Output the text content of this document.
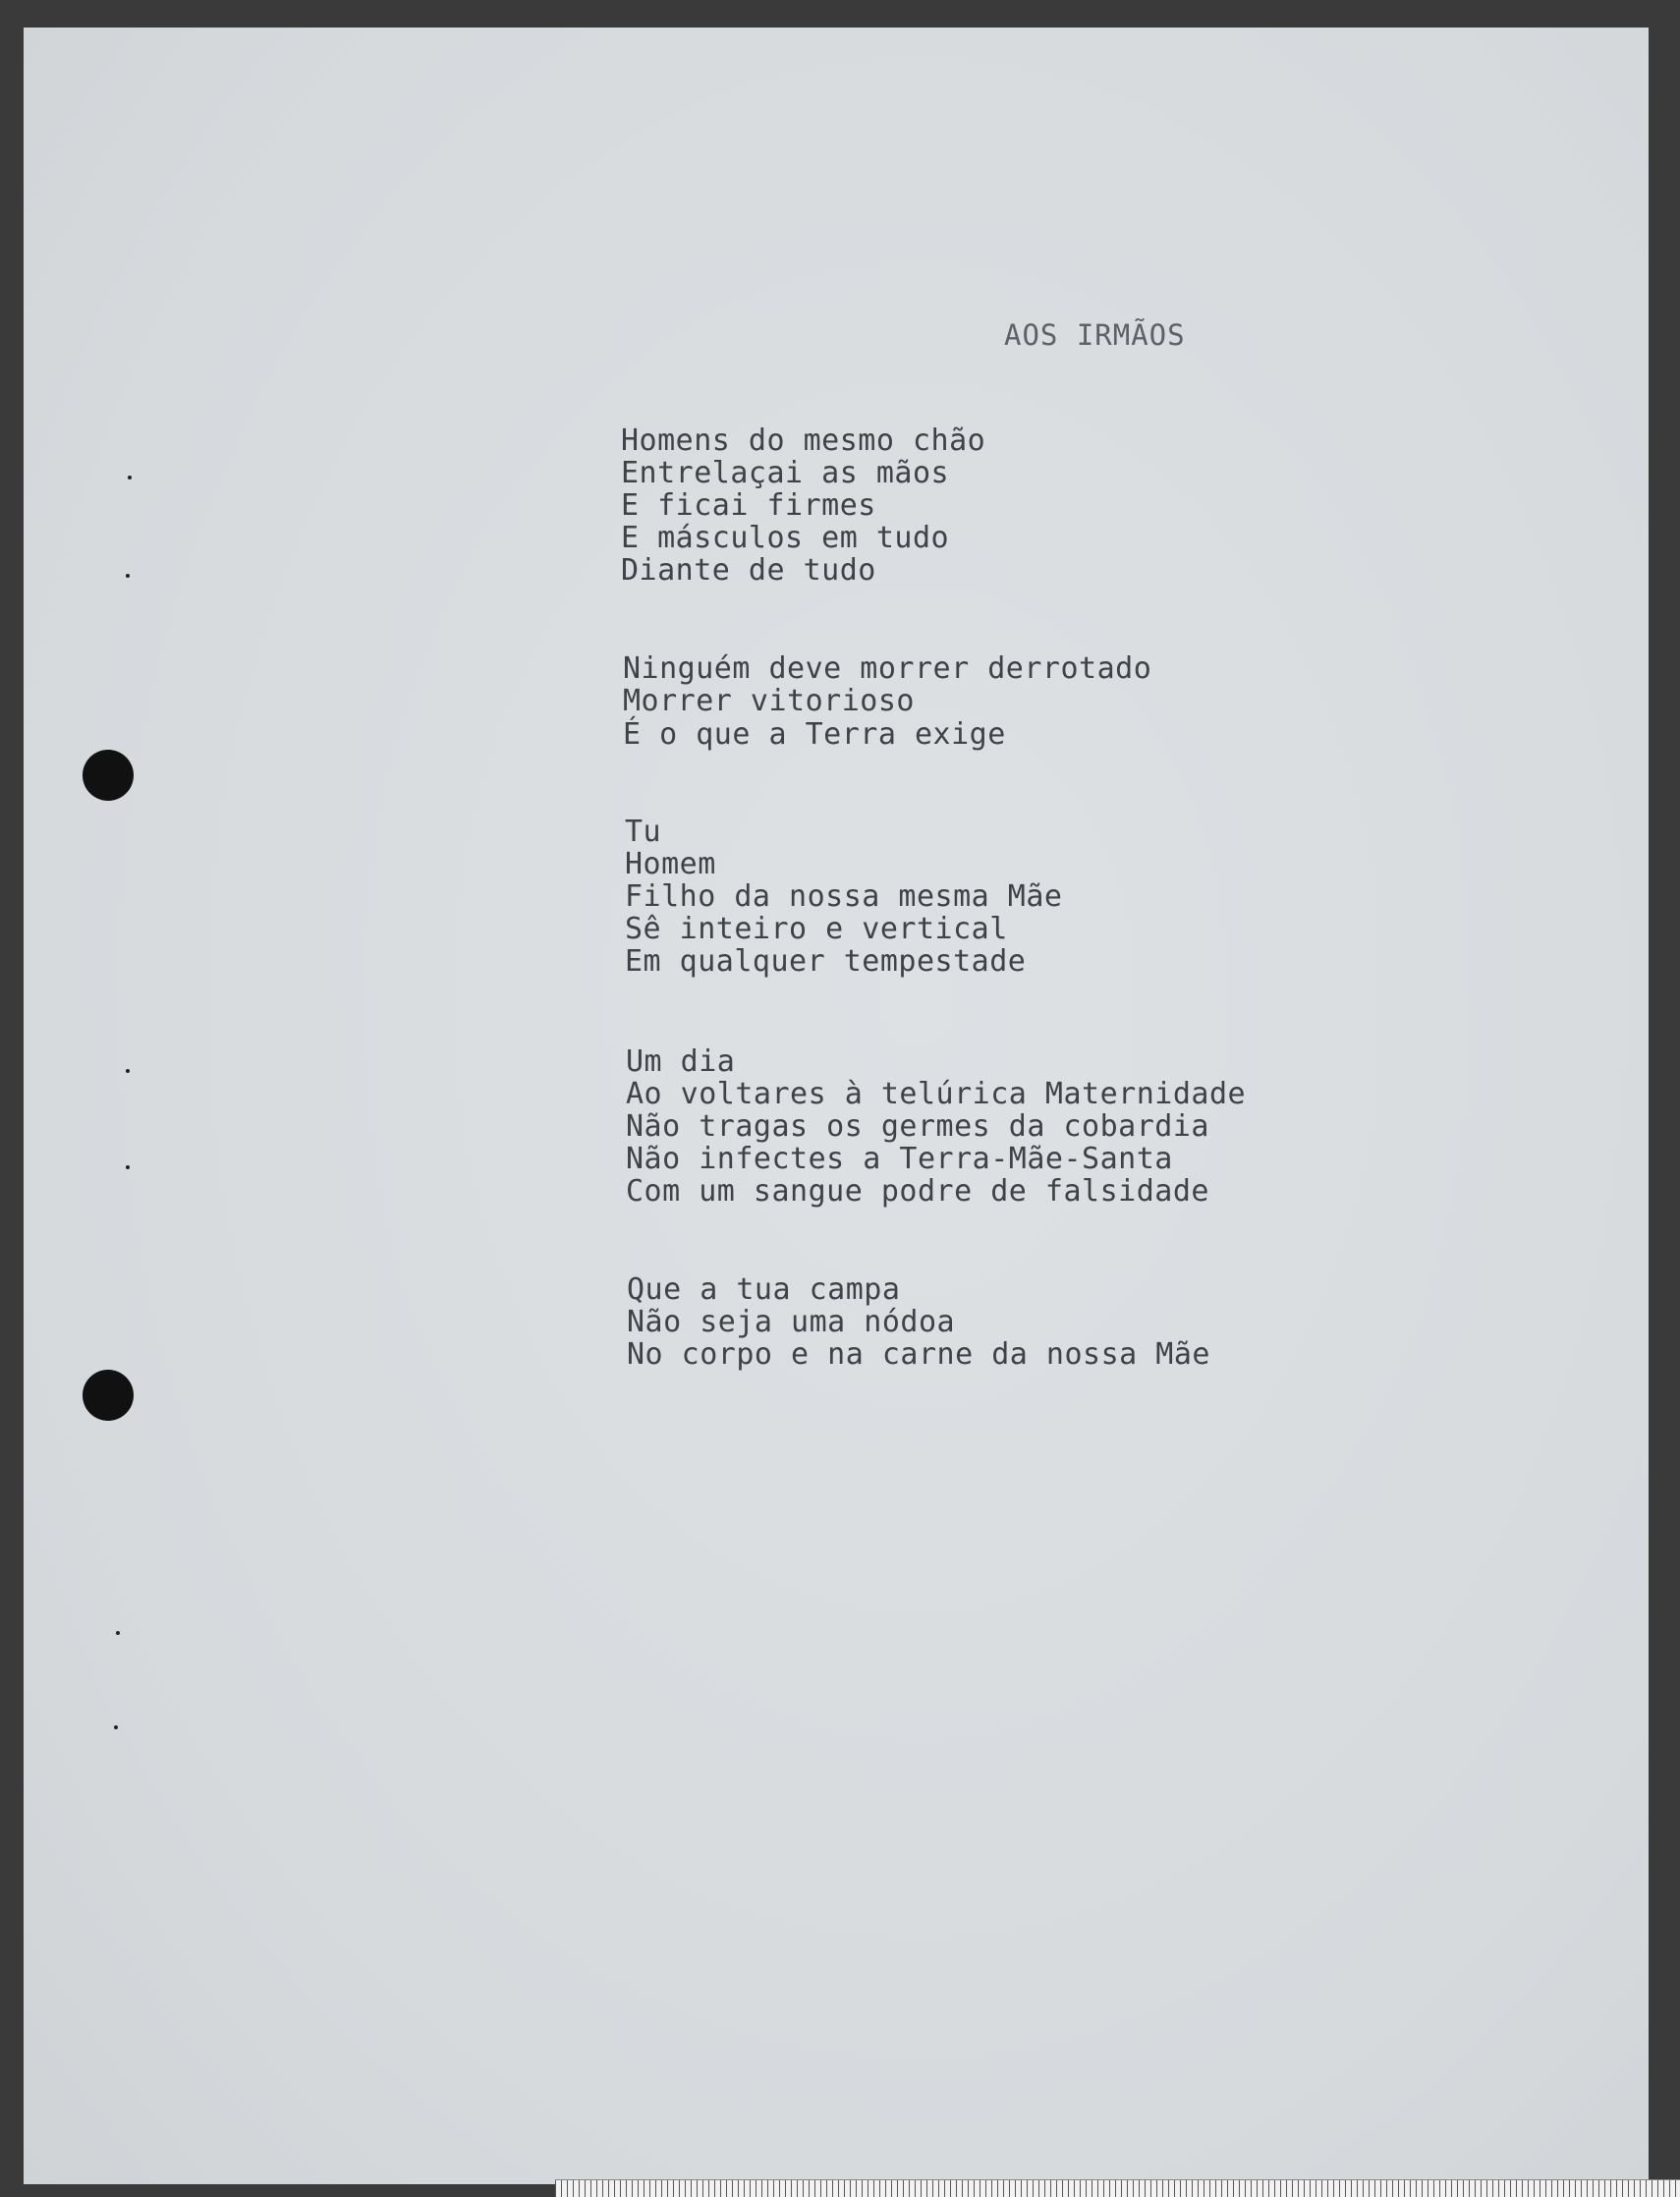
AOS IRMÃOS
Homens do mesmo chão
Entrelaçai as mãos
E ficai firmes
E másculos em tudo
Diante de tudo
Ninguém deve morrer derrotado
Morrer vitorioso
É o que a Terra exige
Tu
Homem
Filho da nossa mesma Mãe
Sê inteiro e vertical
Em qualquer tempestade
Um dia
Ao voltares à telúrica Maternidade
Não tragas os germes da cobardia
Não infectes a Terra-Mãe-Santa
Com um sangue podre de falsidade
Que a tua campa
Não seja uma nódoa
No corpo e na carne da nossa Mãe
